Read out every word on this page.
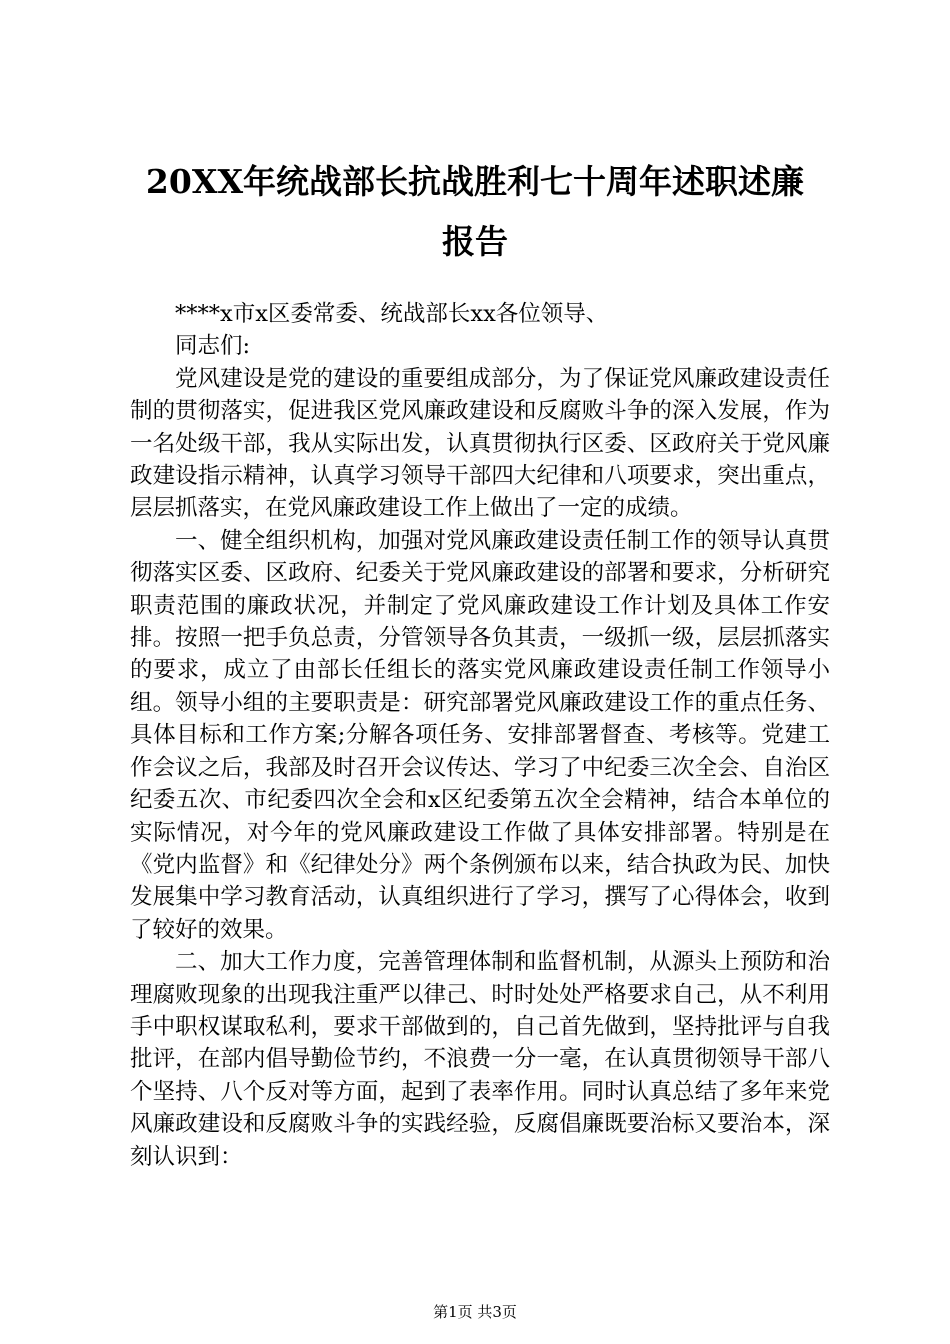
20XX年统战部长抗战胜利七十周年述职述廉
报告

****x市x区委常委、统战部长xx各位领导、

同志们:

党风建设是党的建设的重要组成部分，为了保证党风廉政建设责任制的贯彻落实，促进我区党风廉政建设和反腐败斗争的深入发展，作为一名处级干部，我从实际出发，认真贯彻执行区委、区政府关于党风廉政建设指示精神，认真学习领导干部四大纪律和八项要求，突出重点，层层抓落实，在党风廉政建设工作上做出了一定的成绩。

一、健全组织机构，加强对党风廉政建设责任制工作的领导认真贯彻落实区委、区政府、纪委关于党风廉政建设的部署和要求，分析研究职责范围的廉政状况，并制定了党风廉政建设工作计划及具体工作安排。按照一把手负总责，分管领导各负其责，一级抓一级，层层抓落实的要求，成立了由部长任组长的落实党风廉政建设责任制工作领导小组。领导小组的主要职责是：研究部署党风廉政建设工作的重点任务、具体目标和工作方案;分解各项任务、安排部署督查、考核等。党建工作会议之后，我部及时召开会议传达、学习了中纪委三次全会、自治区纪委五次、市纪委四次全会和x区纪委第五次全会精神，结合本单位的实际情况，对今年的党风廉政建设工作做了具体安排部署。特别是在《党内监督》和《纪律处分》两个条例颁布以来，结合执政为民、加快发展集中学习教育活动，认真组织进行了学习，撰写了心得体会，收到了较好的效果。

二、加大工作力度，完善管理体制和监督机制，从源头上预防和治理腐败现象的出现我注重严以律己、时时处处严格要求自己，从不利用手中职权谋取私利，要求干部做到的，自己首先做到，坚持批评与自我批评，在部内倡导勤俭节约，不浪费一分一毫，在认真贯彻领导干部八个坚持、八个反对等方面，起到了表率作用。同时认真总结了多年来党风廉政建设和反腐败斗争的实践经验，反腐倡廉既要治标又要治本，深刻认识到：

第1页 共3页
